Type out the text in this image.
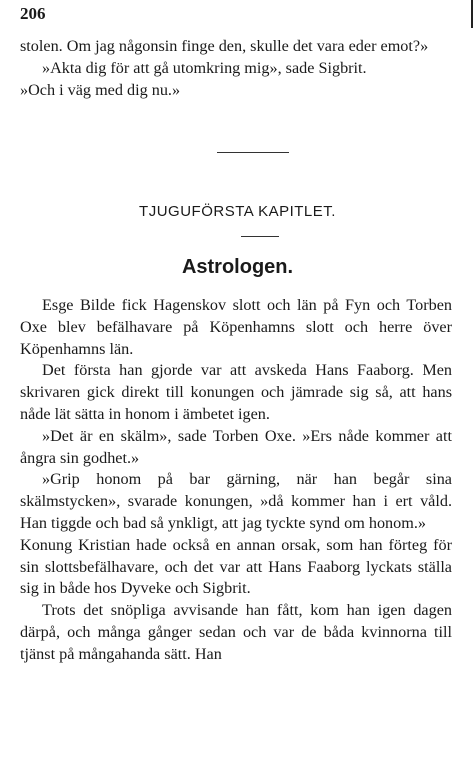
206

stolen. Om jag någonsin finge den, skulle det vara eder emot?»

»Akta dig för att gå utomkring mig», sade Sigbrit.

»Och i väg med dig nu.»

TJUGUFÖRSTA KAPITLET.
Astrologen.

Esge Bilde fick Hagenskov slott och län på Fyn och Torben Oxe blev befälhavare på Köpenhamns slott och herre över Köpenhamns län.

Det första han gjorde var att avskeda Hans Faaborg. Men skrivaren gick direkt till konungen och jämrade sig så, att hans nåde lät sätta in honom i ämbetet igen.

»Det är en skälm», sade Torben Oxe. »Ers nåde kommer att ångra sin godhet.»

»Grip honom på bar gärning, när han begår sina skälmstycken», svarade konungen, »då kommer han i ert våld. Han tiggde och bad så ynkligt, att jag tyckte synd om honom.»

Konung Kristian hade också en annan orsak, som han förteg för sin slottsbefälhavare, och det var att Hans Faaborg lyckats ställa sig in både hos Dyveke och Sigbrit.

Trots det snöpliga avvisande han fått, kom han igen dagen därpå, och många gånger sedan och var de båda kvinnorna till tjänst på mångahanda sätt. Han
